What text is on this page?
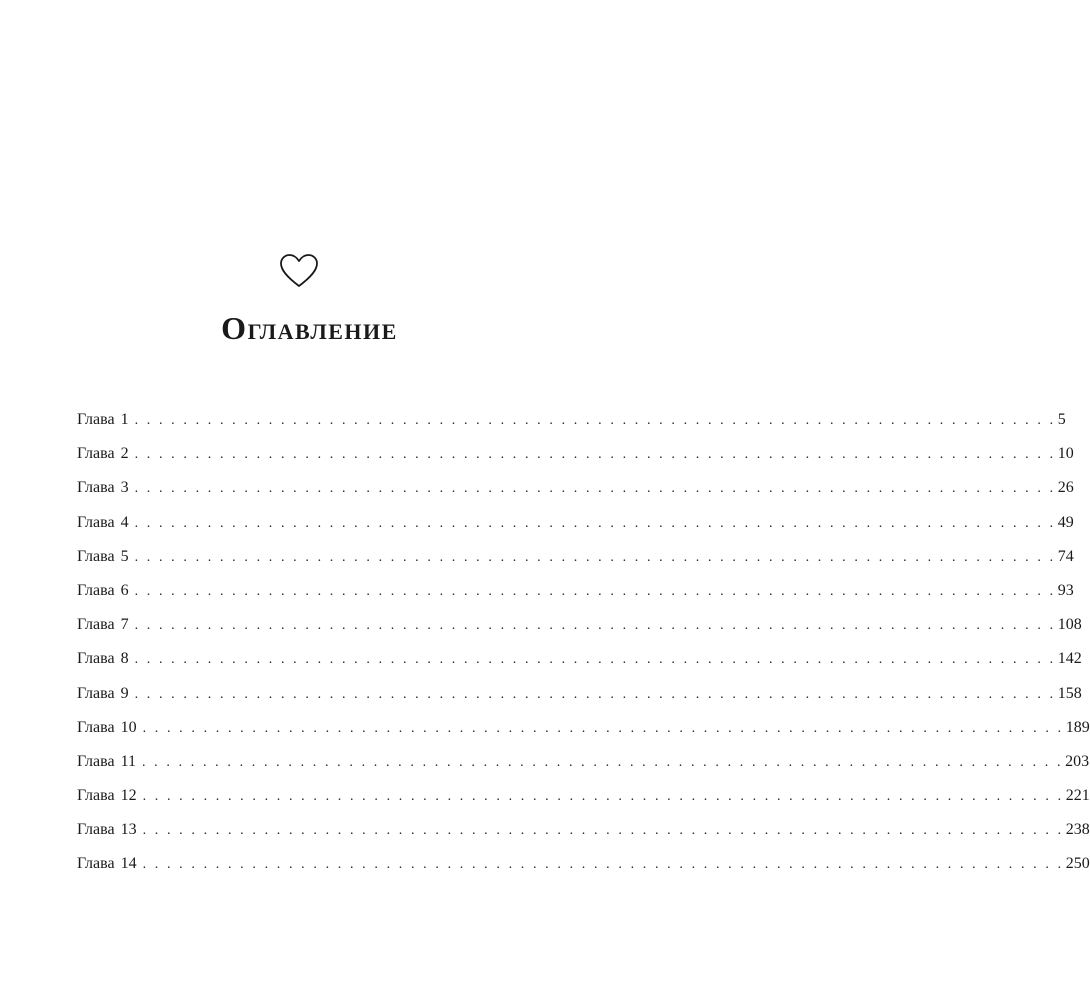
Оглавление
Глава 1 . . . . . . . . . . . . . . . . . . . . . . . . . . . . . . . . . . . . . . . . . . . . . . . . . . . . . . . . . . . . . . . . . . . . . . . . . . . . 5
Глава 2 . . . . . . . . . . . . . . . . . . . . . . . . . . . . . . . . . . . . . . . . . . . . . . . . . . . . . . . . . . . . . . . . . . . . . . . . . . . . 10
Глава 3 . . . . . . . . . . . . . . . . . . . . . . . . . . . . . . . . . . . . . . . . . . . . . . . . . . . . . . . . . . . . . . . . . . . . . . . . . . . . 26
Глава 4 . . . . . . . . . . . . . . . . . . . . . . . . . . . . . . . . . . . . . . . . . . . . . . . . . . . . . . . . . . . . . . . . . . . . . . . . . . . . 49
Глава 5 . . . . . . . . . . . . . . . . . . . . . . . . . . . . . . . . . . . . . . . . . . . . . . . . . . . . . . . . . . . . . . . . . . . . . . . . . . . . 74
Глава 6 . . . . . . . . . . . . . . . . . . . . . . . . . . . . . . . . . . . . . . . . . . . . . . . . . . . . . . . . . . . . . . . . . . . . . . . . . . . . 93
Глава 7 . . . . . . . . . . . . . . . . . . . . . . . . . . . . . . . . . . . . . . . . . . . . . . . . . . . . . . . . . . . . . . . . . . . . . . . . . . . . 108
Глава 8 . . . . . . . . . . . . . . . . . . . . . . . . . . . . . . . . . . . . . . . . . . . . . . . . . . . . . . . . . . . . . . . . . . . . . . . . . . . . 142
Глава 9 . . . . . . . . . . . . . . . . . . . . . . . . . . . . . . . . . . . . . . . . . . . . . . . . . . . . . . . . . . . . . . . . . . . . . . . . . . . . 158
Глава 10 . . . . . . . . . . . . . . . . . . . . . . . . . . . . . . . . . . . . . . . . . . . . . . . . . . . . . . . . . . . . . . . . . . . . . . . . . . . . 189
Глава 11 . . . . . . . . . . . . . . . . . . . . . . . . . . . . . . . . . . . . . . . . . . . . . . . . . . . . . . . . . . . . . . . . . . . . . . . . . . . . 203
Глава 12 . . . . . . . . . . . . . . . . . . . . . . . . . . . . . . . . . . . . . . . . . . . . . . . . . . . . . . . . . . . . . . . . . . . . . . . . . . . . 221
Глава 13 . . . . . . . . . . . . . . . . . . . . . . . . . . . . . . . . . . . . . . . . . . . . . . . . . . . . . . . . . . . . . . . . . . . . . . . . . . . . 238
Глава 14 . . . . . . . . . . . . . . . . . . . . . . . . . . . . . . . . . . . . . . . . . . . . . . . . . . . . . . . . . . . . . . . . . . . . . . . . . . . . 250
